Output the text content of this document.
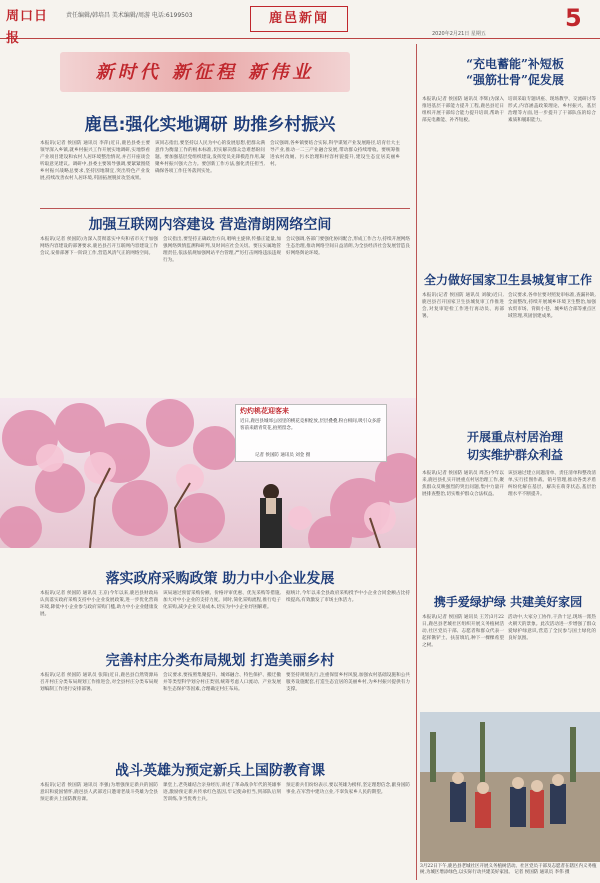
周口日报
责任编辑/韩培昌 美术编辑/周游 电话:6199503	鹿邑新闻	5
2020年2月21日 星期五
新时代 新征程 新伟业
鹿邑:强化实地调研 助推乡村振兴
本报讯(记者 侯国防 通讯员 李萍)近日,鹿邑县委主要领导深入乡镇,就乡村振兴工作开展实地调研,实地察看产业项目建设和农村人居环境整治情况,并召开座谈会听取意见建议。调研中,县委主要领导强调,要紧紧围绕乡村振兴战略总要求,坚持因地制宜,突出特色产业发展,持续改善农村人居环境,巩固拓展脱贫攻坚成果。
该同志指出,要坚持以人民为中心的发展思想,把群众满意作为衡量工作的根本标准,切实解决群众急难愁盼问题。要加强基层党组织建设,发挥党员先锋模范作用,凝聚乡村振兴强大合力。要创新工作方法,强化责任担当,确保各项工作任务落到实处。
会议强调,各乡镇要结合实际,科学谋划产业发展路径,培育壮大主导产业,推动一二三产业融合发展,带动群众持续增收。要统筹推进农村改厕、污水治理和村容村貌提升,建设生态宜居美丽乡村。
加强互联网内容建设 营造清朗网络空间
本报讯(记者 侯国防)为深入贯彻落实中央和省市关于加强网络内容建设的部署要求,鹿邑县召开互联网内容建设工作会议,安排部署下一阶段工作,营造风清气正的网络空间。
会议指出,要坚持正确政治方向,唱响主旋律,传播正能量,加强网络舆情监测和研判,及时回应社会关切。要压实属地管理责任,依法依规加强网站平台管理,严厉打击网络违法违规行为。
会议强调,各部门要强化协同配合,形成工作合力,持续开展网络生态治理,推动网络空间日益清朗,为全县经济社会发展营造良好网络舆论环境。
灼灼桃花迎客来
近日,鹿邑县城郊公园里的桃花竞相绽放,层层叠叠,粉白相间,吸引众多游客前来踏青赏花,拍照留念。
记者 侯国防 通讯员 刘金 摄
落实政府采购政策 助力中小企业发展
本报讯(记者 侯国防 通讯员 王京)今年以来,鹿邑县财政局认真落实政府采购支持中小企业发展政策,进一步优化营商环境,降低中小企业参与政府采购门槛,助力中小企业健康发展。
该局通过预留采购份额、价格评审优惠、优先采购等措施,加大对中小企业的支持力度。同时,简化采购流程,推行电子化采购,减少企业交易成本,切实为中小企业纾困解难。
据统计,今年以来全县政府采购授予中小企业合同金额占比持续提高,有效激发了市场主体活力。
完善村庄分类布局规划 打造美丽乡村
本报讯(记者 侯国防 通讯员 张阳)近日,鹿邑县自然资源局召开村庄分类布局规划工作推进会,对全县村庄分类布局规划编制工作进行安排部署。
会议要求,要按照集聚提升、城郊融合、特色保护、搬迁撤并等类型科学划分村庄类别,统筹考虑人口流动、产业发展和生态保护等因素,合理确定村庄布局。
要坚持规划先行,注重保留乡村风貌,加强农村基础设施和公共服务设施配套,打造生态宜居的美丽乡村,为乡村振兴提供有力支撑。
战斗英雄为预定新兵上国防教育课
本报讯(记者 侯国防 通讯员 李强)为增强预定新兵的国防意识和爱国情怀,鹿邑县人武部近日邀请老战斗英雄为全县预定新兵上国防教育课。
课堂上,老英雄结合亲身经历,讲述了革命战争年代的英雄事迹,激励预定新兵传承红色基因,牢记使命担当,到部队后刻苦训练,争当优秀士兵。
预定新兵们纷纷表示,要以英雄为榜样,坚定理想信念,献身国防事业,在军营中建功立业,不辜负家乡人民的期望。
“充电蓄能”补短板
“强筋壮骨”促发展
本报讯(记者 侯国防 通讯员 李辉)为深入推进基层干部能力提升工程,鹿邑县近日组织开展干部综合能力提升培训,帮助干部充电蓄能、补齐短板。
培训采取专题讲座、现场教学、交流研讨等形式,内容涵盖政策理论、乡村振兴、基层治理等方面,进一步提升了干部队伍的综合素质和履职能力。
全力做好国家卫生县城复审工作
本报讯(记者 侯国防 通讯员 刘敏)近日,鹿邑县召开国家卫生县城复审工作推进会,对复审迎检工作进行再动员、再部署。
会议要求,各单位要对照复审标准,查漏补缺,全面整改,持续开展城乡环境卫生整治,加强农贸市场、背街小巷、城乡结合部等重点区域管理,巩固创建成果。
开展重点村居治理
切实维护群众利益
本报讯(记者 侯国防 通讯员 周杰)今年以来,鹿邑县扎实开展重点村居治理工作,聚焦群众反映强烈的突出问题,集中力量开展排查整治,切实维护群众合法权益。
该县通过建立问题清单、责任清单和整改清单,实行挂图作战、销号管理,推动各类矛盾纠纷化解在基层、解决在萌芽状态,基层治理水平不断提升。
携手爱绿护绿 共建美好家园
本报讯(记者 侯国防 通讯员 王芳)3月22日,鹿邑县老城社区组织开展义务植树活动,社区党员干部、志愿者和群众代表一起挥锹铲土、扶苗填坑,种下一棵棵希望之树。
活动中,大家分工协作,干劲十足,现场一派热火朝天的景象。此次活动进一步增强了群众爱绿护绿意识,营造了全民参与国土绿化的良好氛围。
3月22日下午,鹿邑县老城社区开展义务植树活动。社区党员干部及志愿者在辖区内义务植树,为城区增添绿色,以实际行动共建美好家园。 记者 侯国防 通讯员 李伟 摄
